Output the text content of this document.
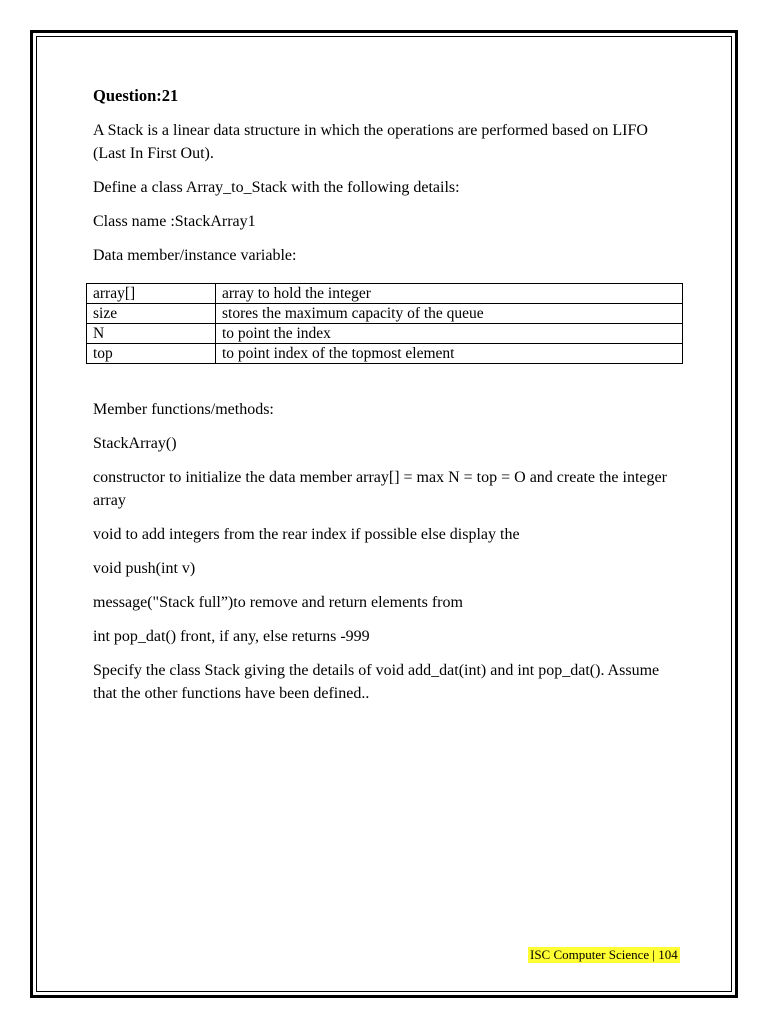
Question:21

A Stack is a linear data structure in which the operations are performed based on LIFO (Last In First Out).

Define a class Array_to_Stack with the following details:

Class name :StackArray1

Data member/instance variable:

array[]	array to hold the integer
size	stores the maximum capacity of the queue
N	to point the index
top	to point index of the topmost element

Member functions/methods:

StackArray()

constructor to initialize the data member array[] = max N = top = O and create the integer array

void to add integers from the rear index if possible else display the

void push(int v)

message("Stack full”)to remove and return elements from

int pop_dat() front, if any, else returns -999

Specify the class Stack giving the details of void add_dat(int) and int pop_dat(). Assume that the other functions have been defined..

ISC Computer Science | 104
